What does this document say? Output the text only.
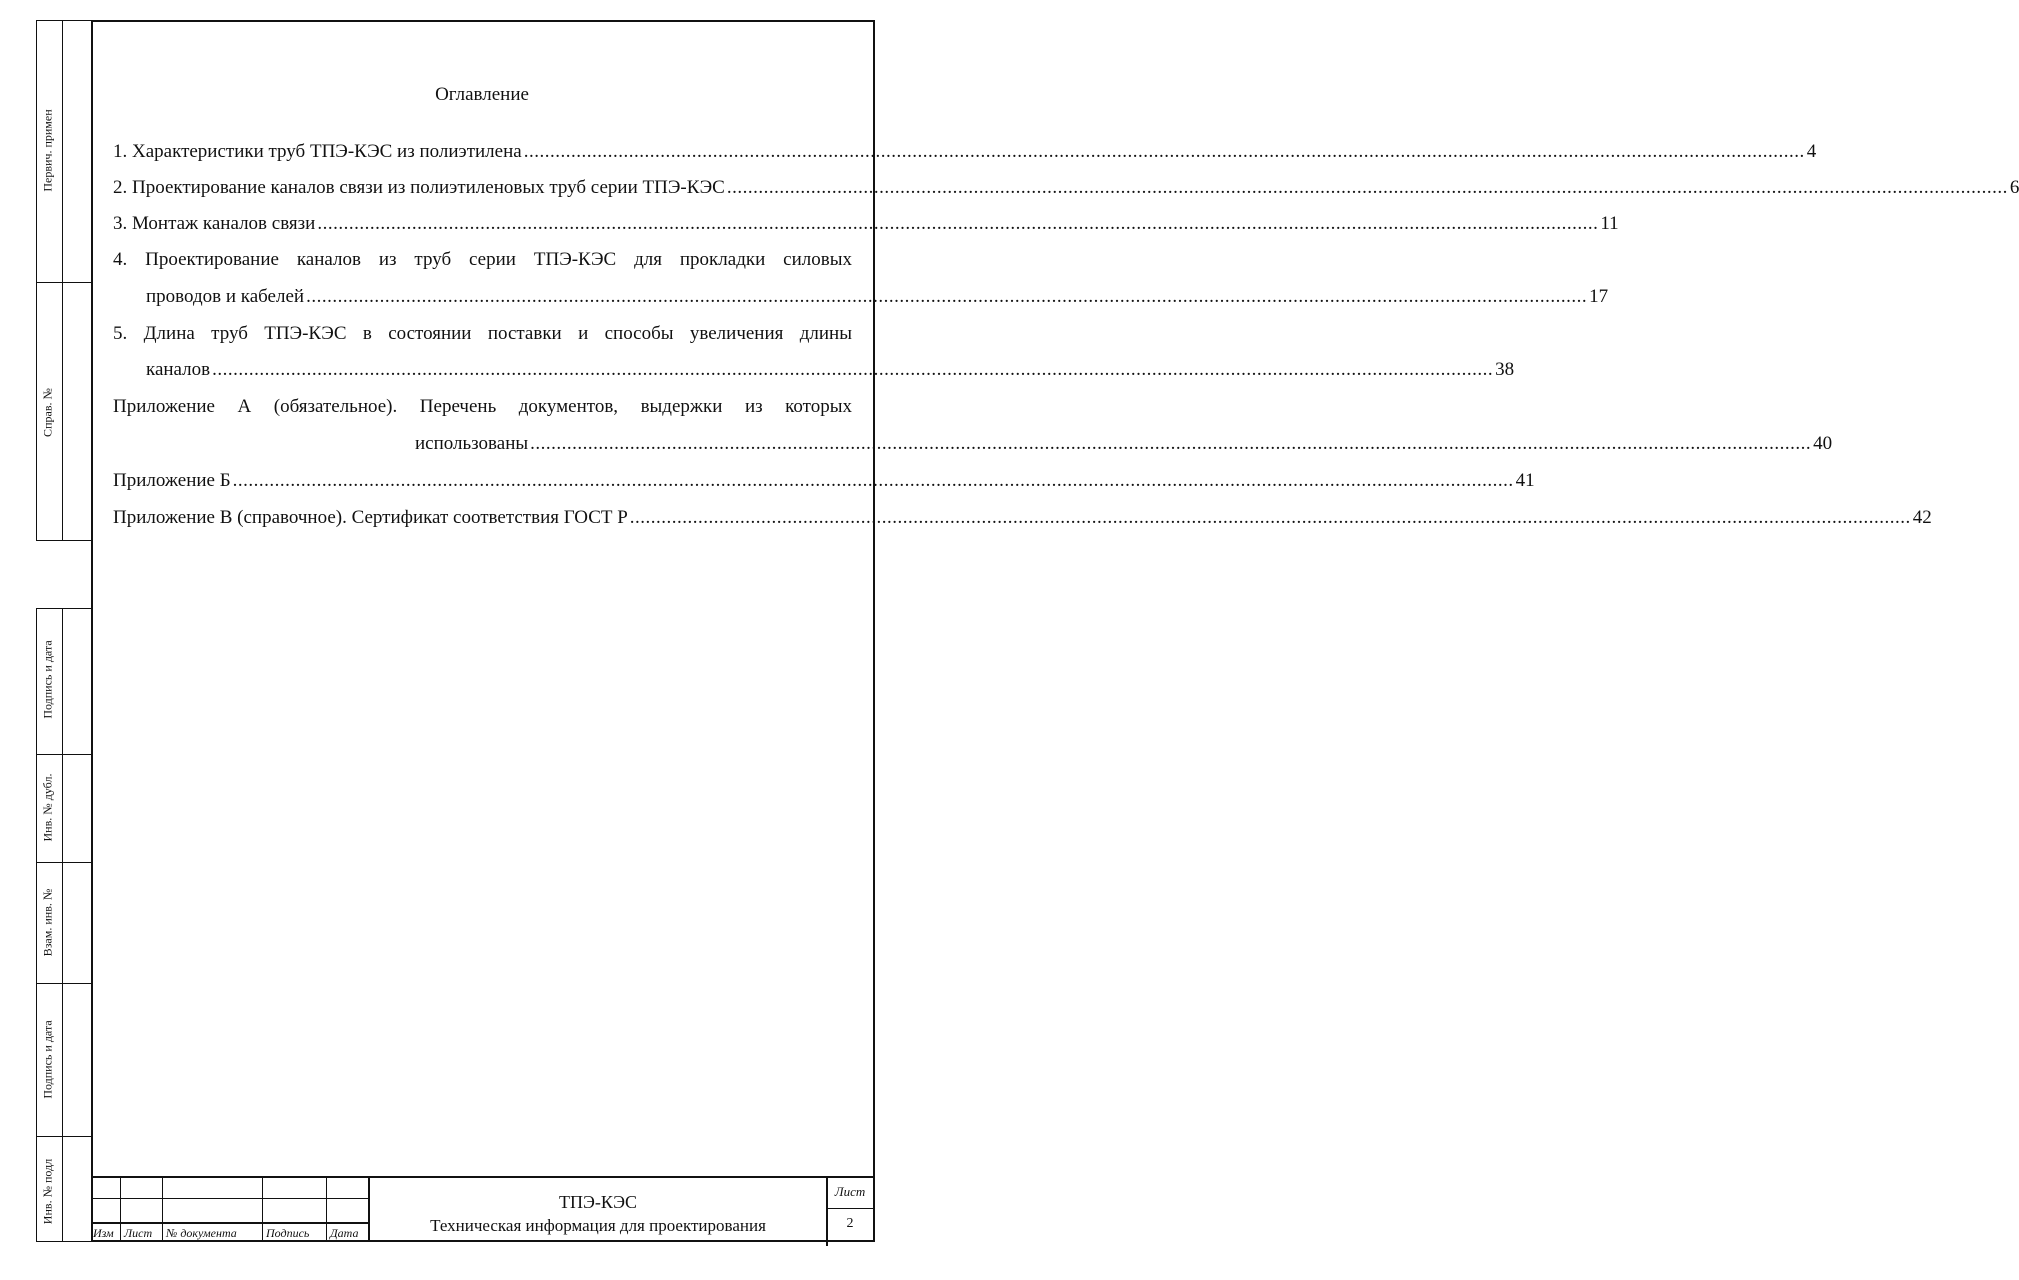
Первич. примен
Справ. №
Подпись и дата
Инв. № дубл.
Взам. инв. №
Подпись и дата
Инв. № подл
Оглавление
1. Характеристики труб ТПЭ-КЭС из полиэтилена .................................................................................................................................................................................................................................................... 4
2. Проектирование каналов связи из полиэтиленовых труб серии ТПЭ-КЭС .................................................................................................................................................................................................................................................... 6
3. Монтаж каналов связи .................................................................................................................................................................................................................................................... 11
4. Проектирование каналов из труб серии ТПЭ-КЭС для прокладки силовых
проводов и кабелей .................................................................................................................................................................................................................................................... 17
5. Длина труб ТПЭ-КЭС в состоянии поставки и способы увеличения длины
каналов .................................................................................................................................................................................................................................................... 38
Приложение А (обязательное). Перечень документов, выдержки из которых
использованы .................................................................................................................................................................................................................................................... 40
Приложение Б .................................................................................................................................................................................................................................................... 41
Приложение В (справочное). Сертификат соответствия ГОСТ Р .................................................................................................................................................................................................................................................... 42
Изм Лист № документа Подпись Дата
ТПЭ-КЭС
Техническая информация для проектирования
Лист
2
